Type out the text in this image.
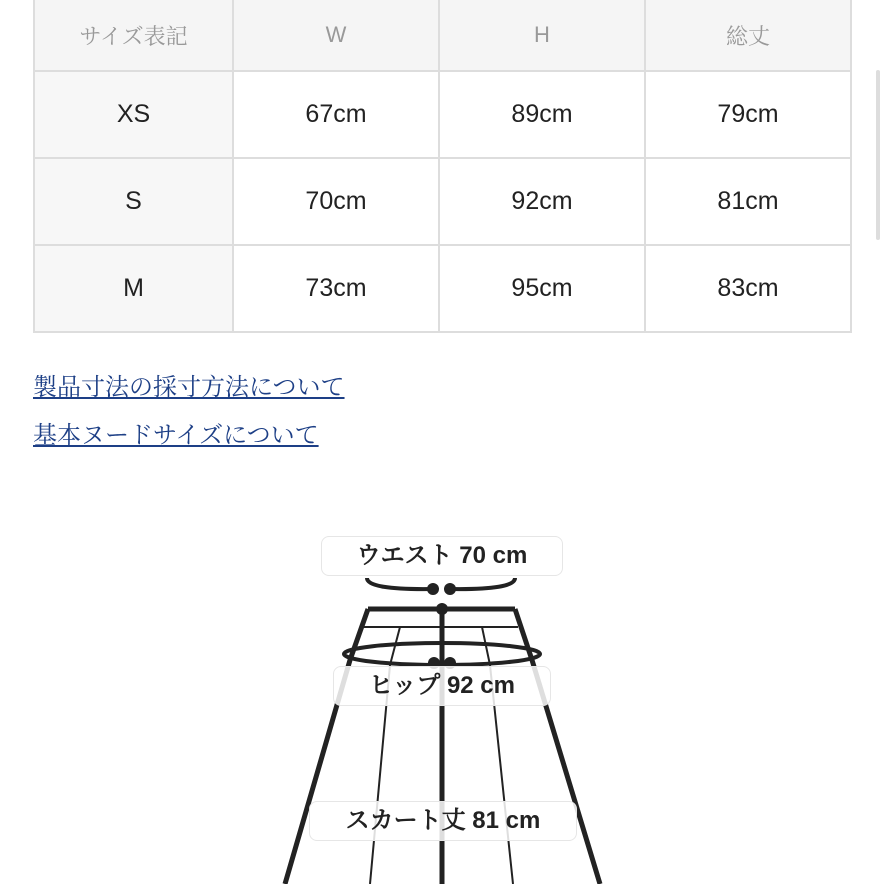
サイズ表記	W	H	総丈
XS	67cm	89cm	79cm
S	70cm	92cm	81cm
M	73cm	95cm	83cm
製品寸法の採寸方法について
基本ヌードサイズについて
ウエスト 70 cm
ヒップ 92 cm
スカート丈 81 cm
